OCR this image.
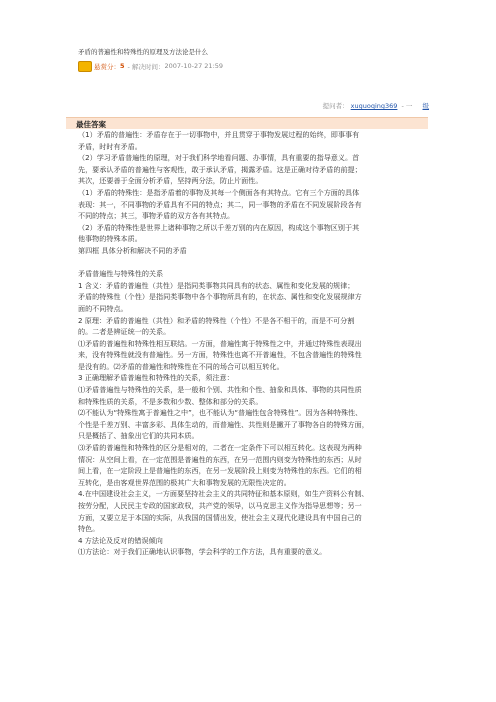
矛盾的普遍性和特殊性的原理及方法论是什么
悬赏分： 5 - 解决时间： 2007-10-27 21:59
提问者： xuguoqing369 - 一 级
最佳答案

（1）矛盾的普遍性：矛盾存在于一切事物中，并且贯穿于事物发展过程的始终，即事事有

矛盾，时时有矛盾。

（2）学习矛盾普遍性的原理，对于我们科学地看问题、办事情，具有重要的指导意义。首

先，要承认矛盾的普遍性与客观性，敢于承认矛盾，揭露矛盾。这是正确对待矛盾的前提；

其次，还要善于全面分析矛盾，坚持两分法，防止片面性。

（1）矛盾的特殊性：是指矛盾着的事物及其每一个侧面各有其特点。它有三个方面的具体

表现：其一，不同事物的矛盾具有不同的特点；其二，同一事物的矛盾在不同发展阶段各有

不同的特点；其三，事物矛盾的双方各有其特点。

（2）矛盾的特殊性是世界上诸种事物之所以千差万别的内在原因，构成这个事物区别于其

他事物的特殊本质。

第四框 具体分析和解决不同的矛盾

矛盾普遍性与特殊性的关系

1 含义：矛盾的普遍性（共性）是指同类事物共同具有的状态、属性和变化发展的规律；

矛盾的特殊性（个性）是指同类事物中各个事物所具有的，在状态、属性和变化发展规律方

面的不同特点。

2 原理：矛盾的普遍性（共性）和矛盾的特殊性（个性）不是各不相干的，而是不可分割

的。二者是辨证统一的关系。

⑴矛盾的普遍性和特殊性相互联结。一方面，普遍性寓于特殊性之中，并通过特殊性表现出

来，没有特殊性就没有普遍性。另一方面，特殊性也离不开普遍性，不包含普遍性的特殊性

是没有的。⑵矛盾的普遍性和特殊性在不同的场合可以相互转化。

3 正确理解矛盾普遍性和特殊性的关系，须注意：

⑴矛盾普遍性与特殊性的关系，是一般和个别、共性和个性、抽象和具体、事物的共同性质

和特殊性质的关系，不是多数和少数、整体和部分的关系。

⑵不能认为“特殊性寓于普遍性之中”，也不能认为“普遍性包含特殊性”。因为各种特殊性、

个性是千差万别、丰富多彩、具体生动的，而普遍性、共性则是撇开了事物各自的特殊方面，

只是概括了、抽象出它们的共同本质。

⑶矛盾的普遍性和特殊性的区分是相对的，二者在一定条件下可以相互转化。这表现为两种

情况：从空间上看，在一定范围是普遍性的东西，在另一范围内则变为特殊性的东西；从时

间上看，在一定阶段上是普遍性的东西，在另一发展阶段上则变为特殊性的东西。它们的相

互转化，是由客观世界范围的极其广大和事物发展的无限性决定的。

4.在中国建设社会主义，一方面要坚持社会主义的共同特征和基本原则，如生产资料公有制、

按劳分配，人民民主专政的国家政权，共产党的领导，以马克思主义作为指导思想等；另一

方面，又要立足于本国的实际，从我国的国情出发，使社会主义现代化建设具有中国自己的

特色。

4 方法论及反对的错误倾向

⑴方法论：对于我们正确地认识事物，学会科学的工作方法，具有重要的意义。
